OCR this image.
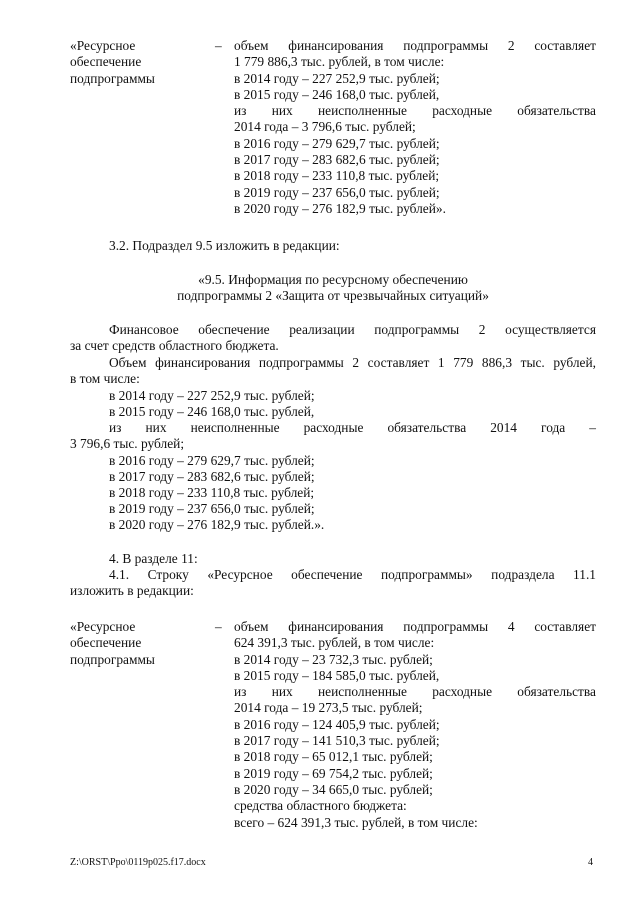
«Ресурсное обеспечение подпрограммы
– объем финансирования подпрограммы 2 составляет
1 779 886,3 тыс. рублей, в том числе:
в 2014 году – 227 252,9 тыс. рублей;
в 2015 году – 246 168,0 тыс. рублей,
из них неисполненные расходные обязательства
2014 года – 3 796,6 тыс. рублей;
в 2016 году – 279 629,7 тыс. рублей;
в 2017 году – 283 682,6 тыс. рублей;
в 2018 году – 233 110,8 тыс. рублей;
в 2019 году – 237 656,0 тыс. рублей;
в 2020 году – 276 182,9 тыс. рублей».
3.2. Подраздел 9.5 изложить в редакции:
«9.5. Информация по ресурсному обеспечению
подпрограммы 2 «Защита от чрезвычайных ситуаций»
Финансовое обеспечение реализации подпрограммы 2 осуществляется
за счет средств областного бюджета.
Объем финансирования подпрограммы 2 составляет 1 779 886,3 тыс. рублей,
в том числе:
в 2014 году – 227 252,9 тыс. рублей;
в 2015 году – 246 168,0 тыс. рублей,
из них неисполненные расходные обязательства 2014 года –
3 796,6 тыс. рублей;
в 2016 году – 279 629,7 тыс. рублей;
в 2017 году – 283 682,6 тыс. рублей;
в 2018 году – 233 110,8 тыс. рублей;
в 2019 году – 237 656,0 тыс. рублей;
в 2020 году – 276 182,9 тыс. рублей.».
4. В разделе 11:
4.1. Строку «Ресурсное обеспечение подпрограммы» подраздела 11.1
изложить в редакции:
«Ресурсное обеспечение подпрограммы
– объем финансирования подпрограммы 4 составляет
624 391,3 тыс. рублей, в том числе:
в 2014 году – 23 732,3 тыс. рублей;
в 2015 году – 184 585,0 тыс. рублей,
из них неисполненные расходные обязательства
2014 года – 19 273,5 тыс. рублей;
в 2016 году – 124 405,9 тыс. рублей;
в 2017 году – 141 510,3 тыс. рублей;
в 2018 году – 65 012,1 тыс. рублей;
в 2019 году – 69 754,2 тыс. рублей;
в 2020 году – 34 665,0 тыс. рублей;
средства областного бюджета:
всего – 624 391,3 тыс. рублей, в том числе:
Z:\ORST\Ppo\0119p025.f17.docx	4
